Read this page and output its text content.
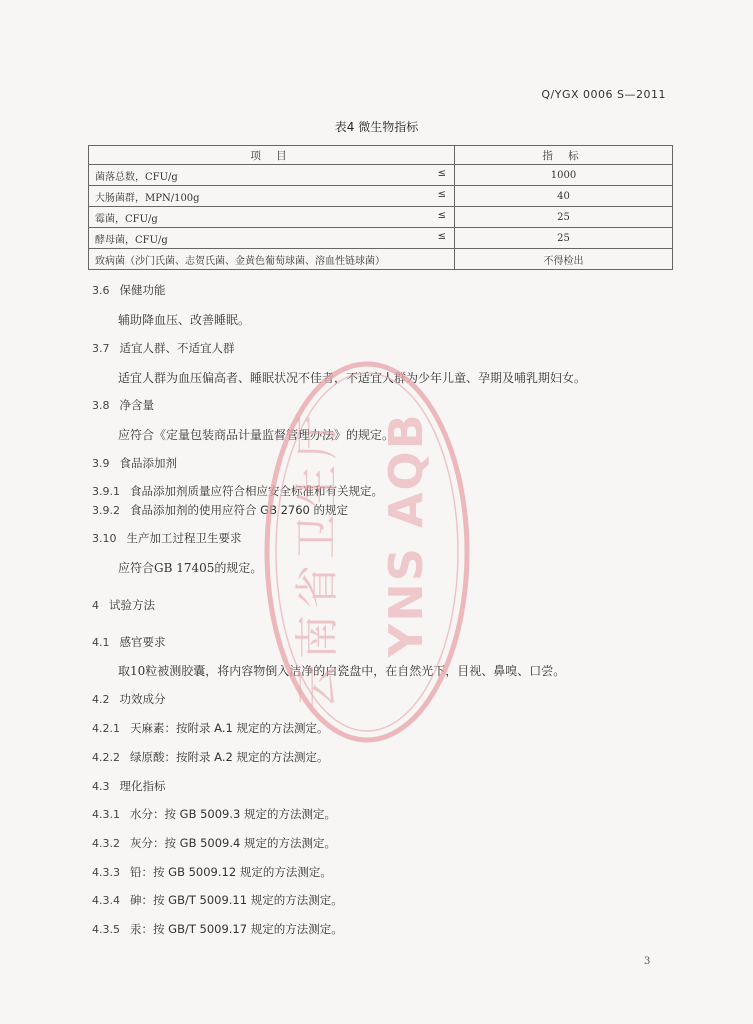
Q/YGX 0006 S—2011
表4 微生物指标
项 目	指 标
菌落总数，CFU/g ≤	1000
大肠菌群，MPN/100g ≤	40
霉菌，CFU/g ≤	25
酵母菌，CFU/g ≤	25
致病菌（沙门氏菌、志贺氏菌、金黄色葡萄球菌、溶血性链球菌）	不得检出
3.6 保健功能
辅助降血压、改善睡眠。
3.7 适宜人群、不适宜人群
适宜人群为血压偏高者、睡眠状况不佳者，不适宜人群为少年儿童、孕期及哺乳期妇女。
3.8 净含量
应符合《定量包装商品计量监督管理办法》的规定。
3.9 食品添加剂
3.9.1 食品添加剂质量应符合相应安全标准和有关规定。
3.9.2 食品添加剂的使用应符合 GB 2760 的规定
3.10 生产加工过程卫生要求
应符合GB 17405的规定。
4 试验方法
4.1 感官要求
取10粒被测胶囊，将内容物倒入洁净的白瓷盘中，在自然光下，目视、鼻嗅、口尝。
4.2 功效成分
4.2.1 天麻素：按附录 A.1 规定的方法测定。
4.2.2 绿原酸：按附录 A.2 规定的方法测定。
4.3 理化指标
4.3.1 水分：按 GB 5009.3 规定的方法测定。
4.3.2 灰分：按 GB 5009.4 规定的方法测定。
4.3.3 铅：按 GB 5009.12 规定的方法测定。
4.3.4 砷：按 GB/T 5009.11 规定的方法测定。
4.3.5 汞：按 GB/T 5009.17 规定的方法测定。
云南省卫生厅 YNS AQB
3
